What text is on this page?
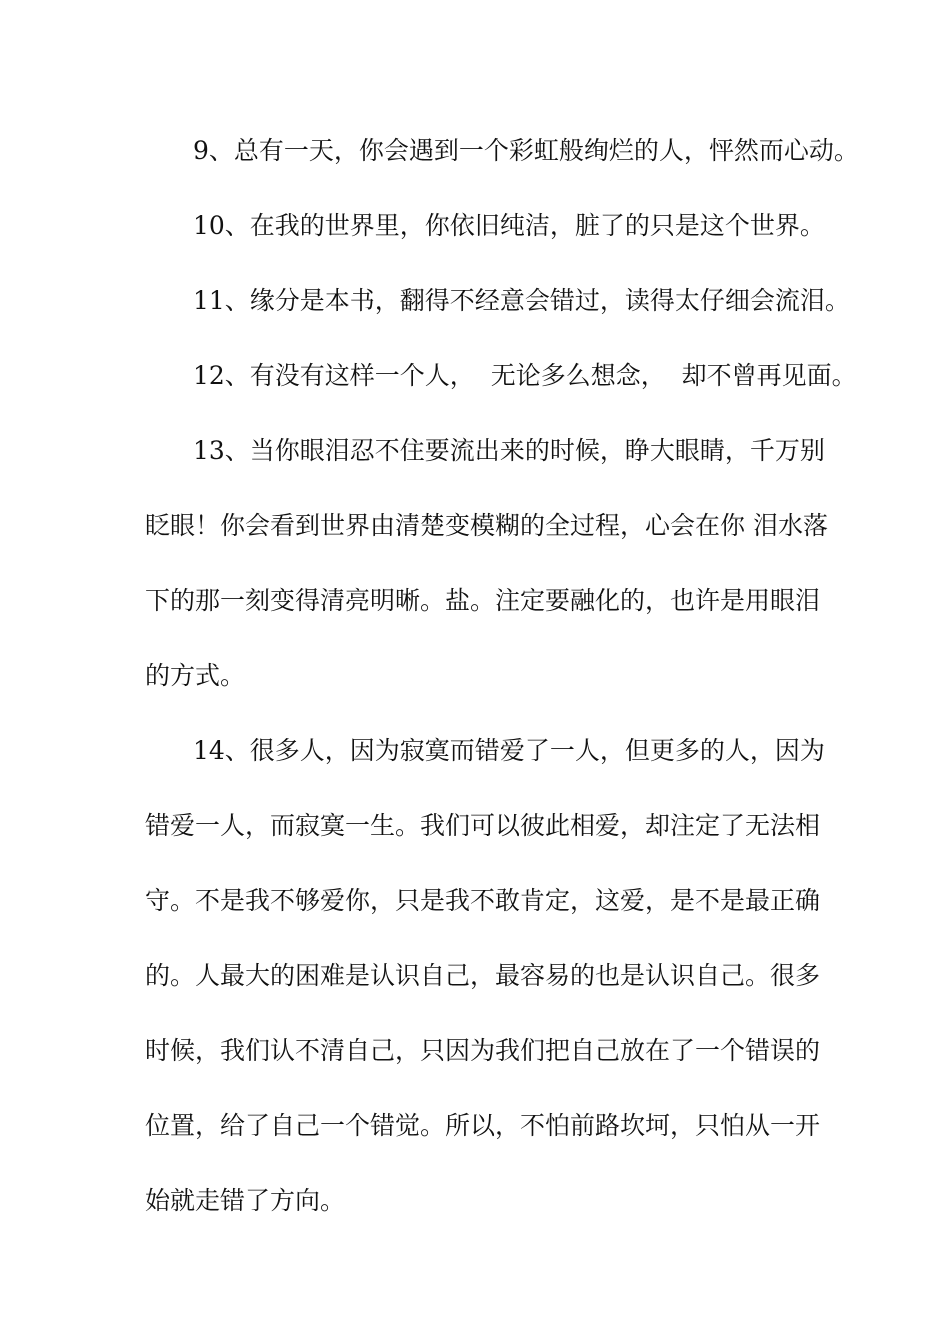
9、总有一天，你会遇到一个彩虹般绚烂的人，怦然而心动。
10、在我的世界里，你依旧纯洁，脏了的只是这个世界。
11、缘分是本书，翻得不经意会错过，读得太仔细会流泪。
12、有没有这样一个人，  无论多么想念，  却不曾再见面。
13、当你眼泪忍不住要流出来的时候，睁大眼睛，千万别
眨眼！你会看到世界由清楚变模糊的全过程，心会在你 泪水落
下的那一刻变得清亮明晰。盐。注定要融化的，也许是用眼泪
的方式。
14、很多人，因为寂寞而错爱了一人，但更多的人，因为
错爱一人，而寂寞一生。我们可以彼此相爱，却注定了无法相
守。不是我不够爱你，只是我不敢肯定，这爱，是不是最正确
的。人最大的困难是认识自己，最容易的也是认识自己。很多
时候，我们认不清自己，只因为我们把自己放在了一个错误的
位置，给了自己一个错觉。所以，不怕前路坎坷，只怕从一开
始就走错了方向。
